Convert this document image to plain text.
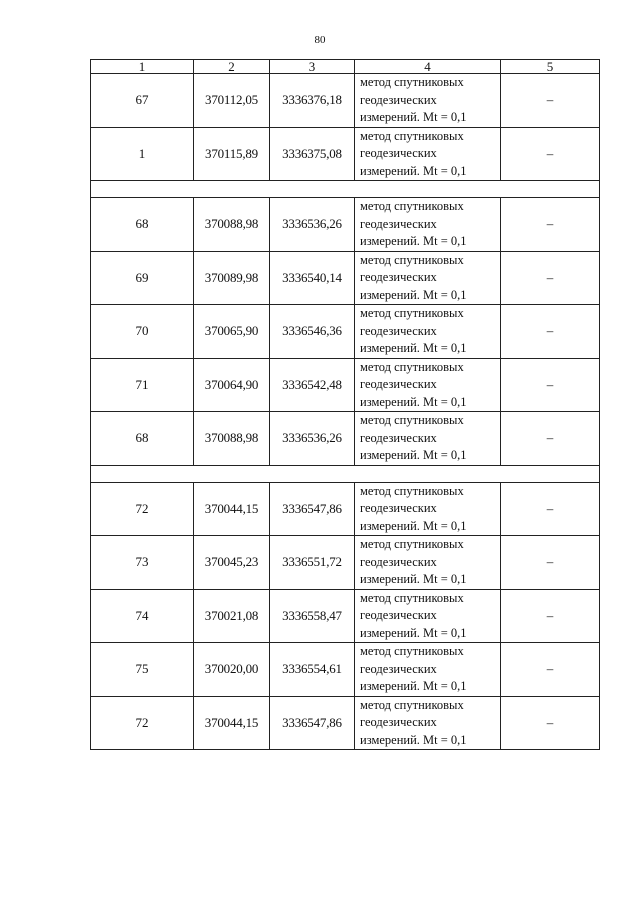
80
1	2	3	4	5
67	370112,05	3336376,18	метод спутниковых
геодезических
измерений. Mt = 0,1	–
1	370115,89	3336375,08	метод спутниковых
геодезических
измерений. Mt = 0,1	–

68	370088,98	3336536,26	метод спутниковых
геодезических
измерений. Mt = 0,1	–
69	370089,98	3336540,14	метод спутниковых
геодезических
измерений. Mt = 0,1	–
70	370065,90	3336546,36	метод спутниковых
геодезических
измерений. Mt = 0,1	–
71	370064,90	3336542,48	метод спутниковых
геодезических
измерений. Mt = 0,1	–
68	370088,98	3336536,26	метод спутниковых
геодезических
измерений. Mt = 0,1	–

72	370044,15	3336547,86	метод спутниковых
геодезических
измерений. Mt = 0,1	–
73	370045,23	3336551,72	метод спутниковых
геодезических
измерений. Mt = 0,1	–
74	370021,08	3336558,47	метод спутниковых
геодезических
измерений. Mt = 0,1	–
75	370020,00	3336554,61	метод спутниковых
геодезических
измерений. Mt = 0,1	–
72	370044,15	3336547,86	метод спутниковых
геодезических
измерений. Mt = 0,1	–
